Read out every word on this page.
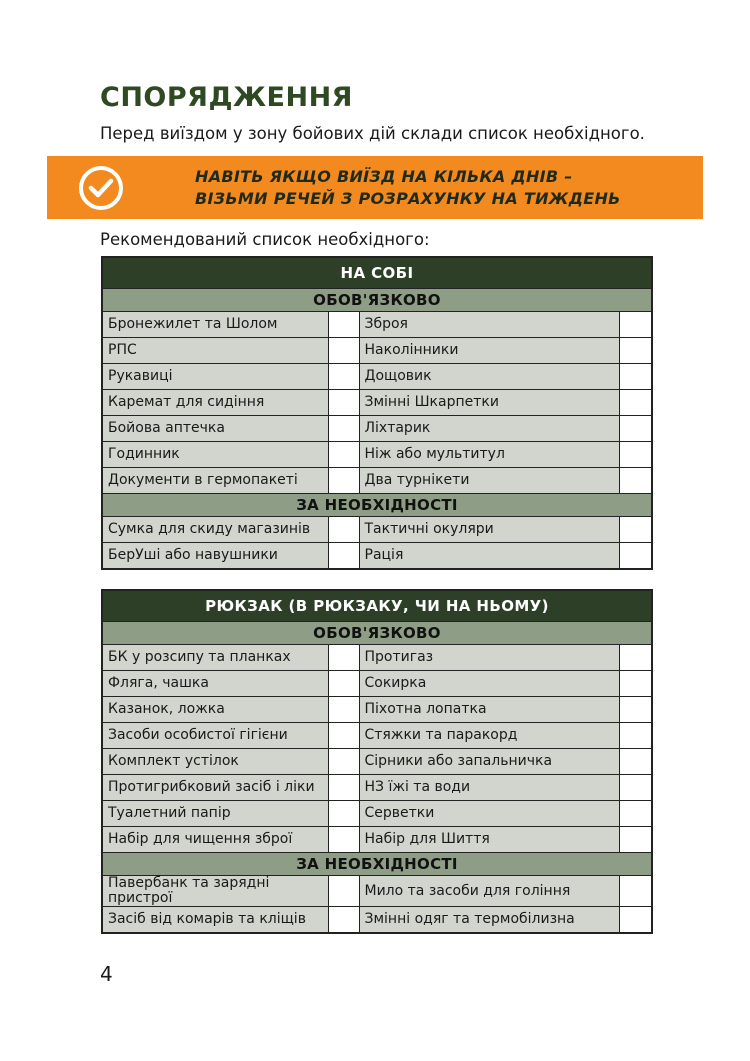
СПОРЯДЖЕННЯ
Перед виїздом у зону бойових дій склади список необхідного.
НАВІТЬ ЯКЩО ВИЇЗД НА КІЛЬКА ДНІВ –
ВІЗЬМИ РЕЧЕЙ З РОЗРАХУНКУ НА ТИЖДЕНЬ
Рекомендований список необхідного:
НА СОБІ			
ОБОВ'ЯЗКОВО			
Бронежилет та Шолом		Зброя	
РПС		Наколінники	
Рукавиці		Дощовик	
Каремат для сидіння		Змінні Шкарпетки	
Бойова аптечка		Ліхтарик	
Годинник		Ніж або мультитул	
Документи в гермопакеті		Два турнікети	
ЗА НЕОБХІДНОСТІ			
Сумка для скиду магазинів		Тактичні окуляри	
БерУші або навушники		Рація	
РЮКЗАК (В РЮКЗАКУ, ЧИ НА НЬОМУ)			
ОБОВ'ЯЗКОВО			
БК у розсипу та планках		Протигаз	
Фляга, чашка		Сокирка	
Казанок, ложка		Піхотна лопатка	
Засоби особистої гігієни		Стяжки та паракорд	
Комплект устілок		Сірники або запальничка	
Протигрибковий засіб і ліки		НЗ їжі та води	
Туалетний папір		Серветки	
Набір для чищення зброї		Набір для Шиття	
ЗА НЕОБХІДНОСТІ			
Павербанк та зарядні пристрої		Мило та засоби для гоління	
Засіб від комарів та кліщів		Змінні одяг та термобілизна	
4
